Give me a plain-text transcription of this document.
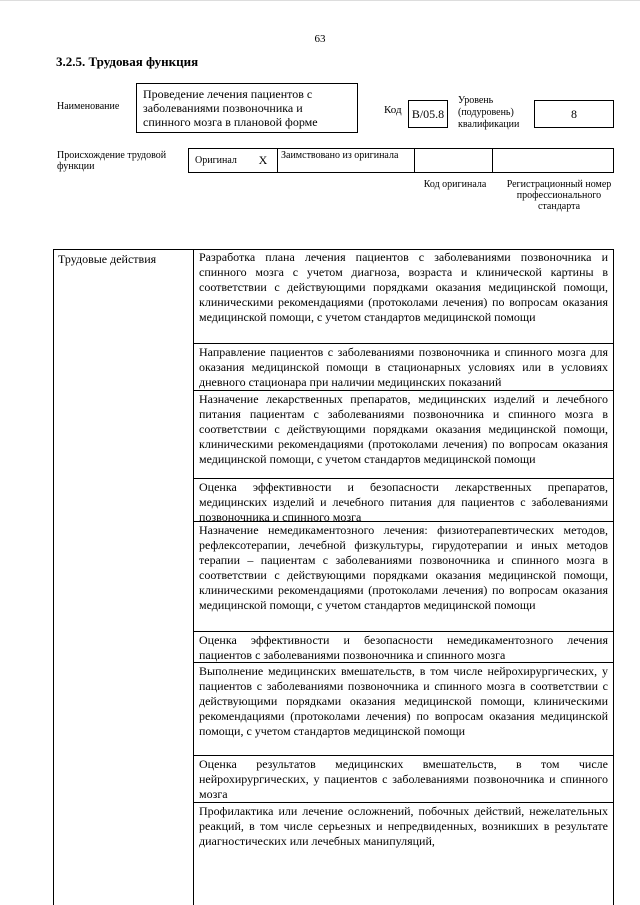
63
3.2.5. Трудовая функция
Наименование
Проведение лечения пациентов с заболеваниями позвоночника и спинного мозга в плановой форме
Код B/05.8
Уровень (подуровень) квалификации
8
Происхождение трудовой функции
Оригинал	X	Заимствовано из оригинала
Код оригинала	Регистрационный номер профессионального стандарта
Трудовые действия	Разработка плана лечения пациентов с заболеваниями позвоночника и спинного мозга с учетом диагноза, возраста и клинической картины в соответствии с действующими порядками оказания медицинской помощи, клиническими рекомендациями (протоколами лечения) по вопросам оказания медицинской помощи, с учетом стандартов медицинской помощи
Направление пациентов с заболеваниями позвоночника и спинного мозга для оказания медицинской помощи в стационарных условиях или в условиях дневного стационара при наличии медицинских показаний
Назначение лекарственных препаратов, медицинских изделий и лечебного питания пациентам с заболеваниями позвоночника и спинного мозга в соответствии с действующими порядками оказания медицинской помощи, клиническими рекомендациями (протоколами лечения) по вопросам оказания медицинской помощи, с учетом стандартов медицинской помощи
Оценка эффективности и безопасности лекарственных препаратов, медицинских изделий и лечебного питания для пациентов с заболеваниями позвоночника и спинного мозга
Назначение немедикаментозного лечения: физиотерапевтических методов, рефлексотерапии, лечебной физкультуры, гирудотерапии и иных методов терапии – пациентам с заболеваниями позвоночника и спинного мозга в соответствии с действующими порядками оказания медицинской помощи, клиническими рекомендациями (протоколами лечения) по вопросам оказания медицинской помощи, с учетом стандартов медицинской помощи
Оценка эффективности и безопасности немедикаментозного лечения пациентов с заболеваниями позвоночника и спинного мозга
Выполнение медицинских вмешательств, в том числе нейрохирургических, у пациентов с заболеваниями позвоночника и спинного мозга в соответствии с действующими порядками оказания медицинской помощи, клиническими рекомендациями (протоколами лечения) по вопросам оказания медицинской помощи, с учетом стандартов медицинской помощи
Оценка результатов медицинских вмешательств, в том числе нейрохирургических, у пациентов с заболеваниями позвоночника и спинного мозга
Профилактика или лечение осложнений, побочных действий, нежелательных реакций, в том числе серьезных и непредвиденных, возникших в результате диагностических или лечебных манипуляций,
